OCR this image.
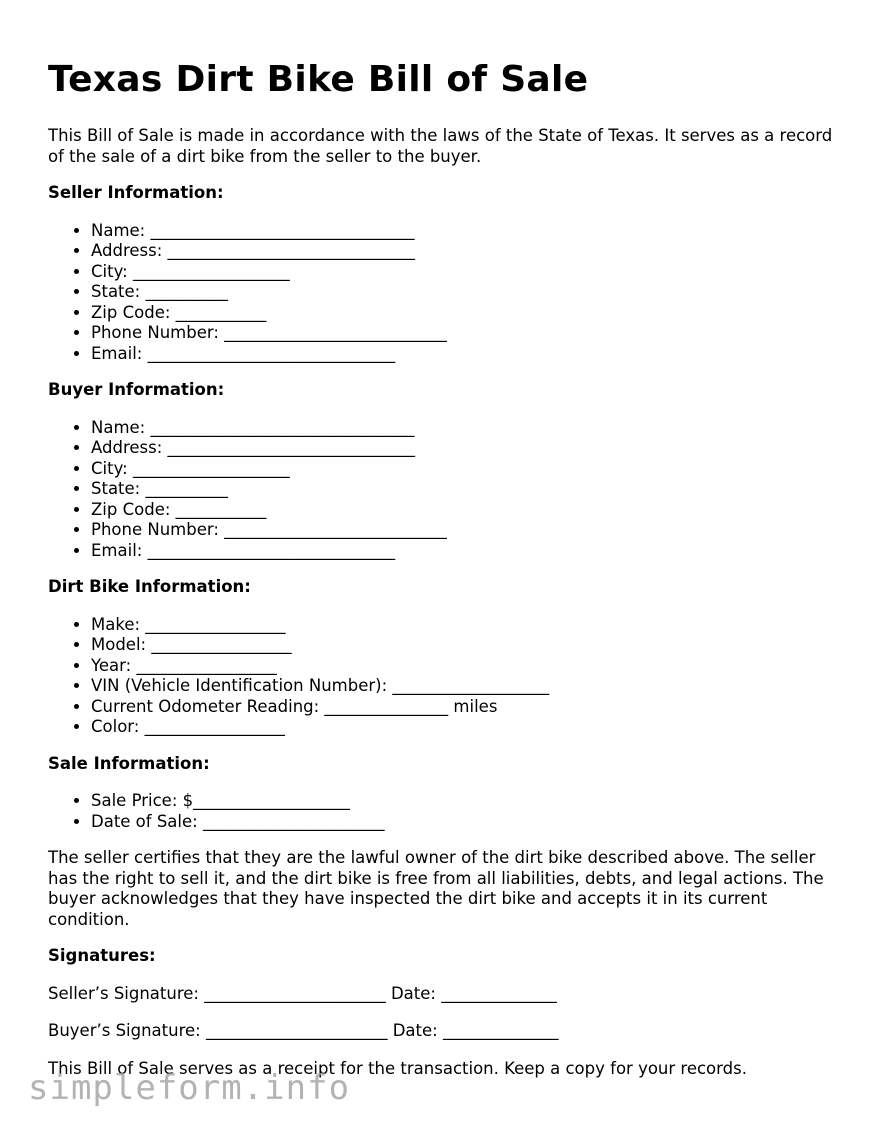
Texas Dirt Bike Bill of Sale

This Bill of Sale is made in accordance with the laws of the State of Texas. It serves as a record of the sale of a dirt bike from the seller to the buyer.

Seller Information:
• Name: ________________________________
• Address: ______________________________
• City: ___________________
• State: __________
• Zip Code: ___________
• Phone Number: ___________________________
• Email: ______________________________
Buyer Information:
• Name: ________________________________
• Address: ______________________________
• City: ___________________
• State: __________
• Zip Code: ___________
• Phone Number: ___________________________
• Email: ______________________________
Dirt Bike Information:
• Make: _________________
• Model: _________________
• Year: _________________
• VIN (Vehicle Identification Number): ___________________
• Current Odometer Reading: _______________ miles
• Color: _________________
Sale Information:
• Sale Price: $___________________
• Date of Sale: ______________________

The seller certifies that they are the lawful owner of the dirt bike described above. The seller has the right to sell it, and the dirt bike is free from all liabilities, debts, and legal actions. The buyer acknowledges that they have inspected the dirt bike and accepts it in its current condition.

Signatures:
Seller’s Signature: ______________________ Date: ______________
Buyer’s Signature: ______________________ Date: ______________

This Bill of Sale serves as a receipt for the transaction. Keep a copy for your records.

simpleform.info
